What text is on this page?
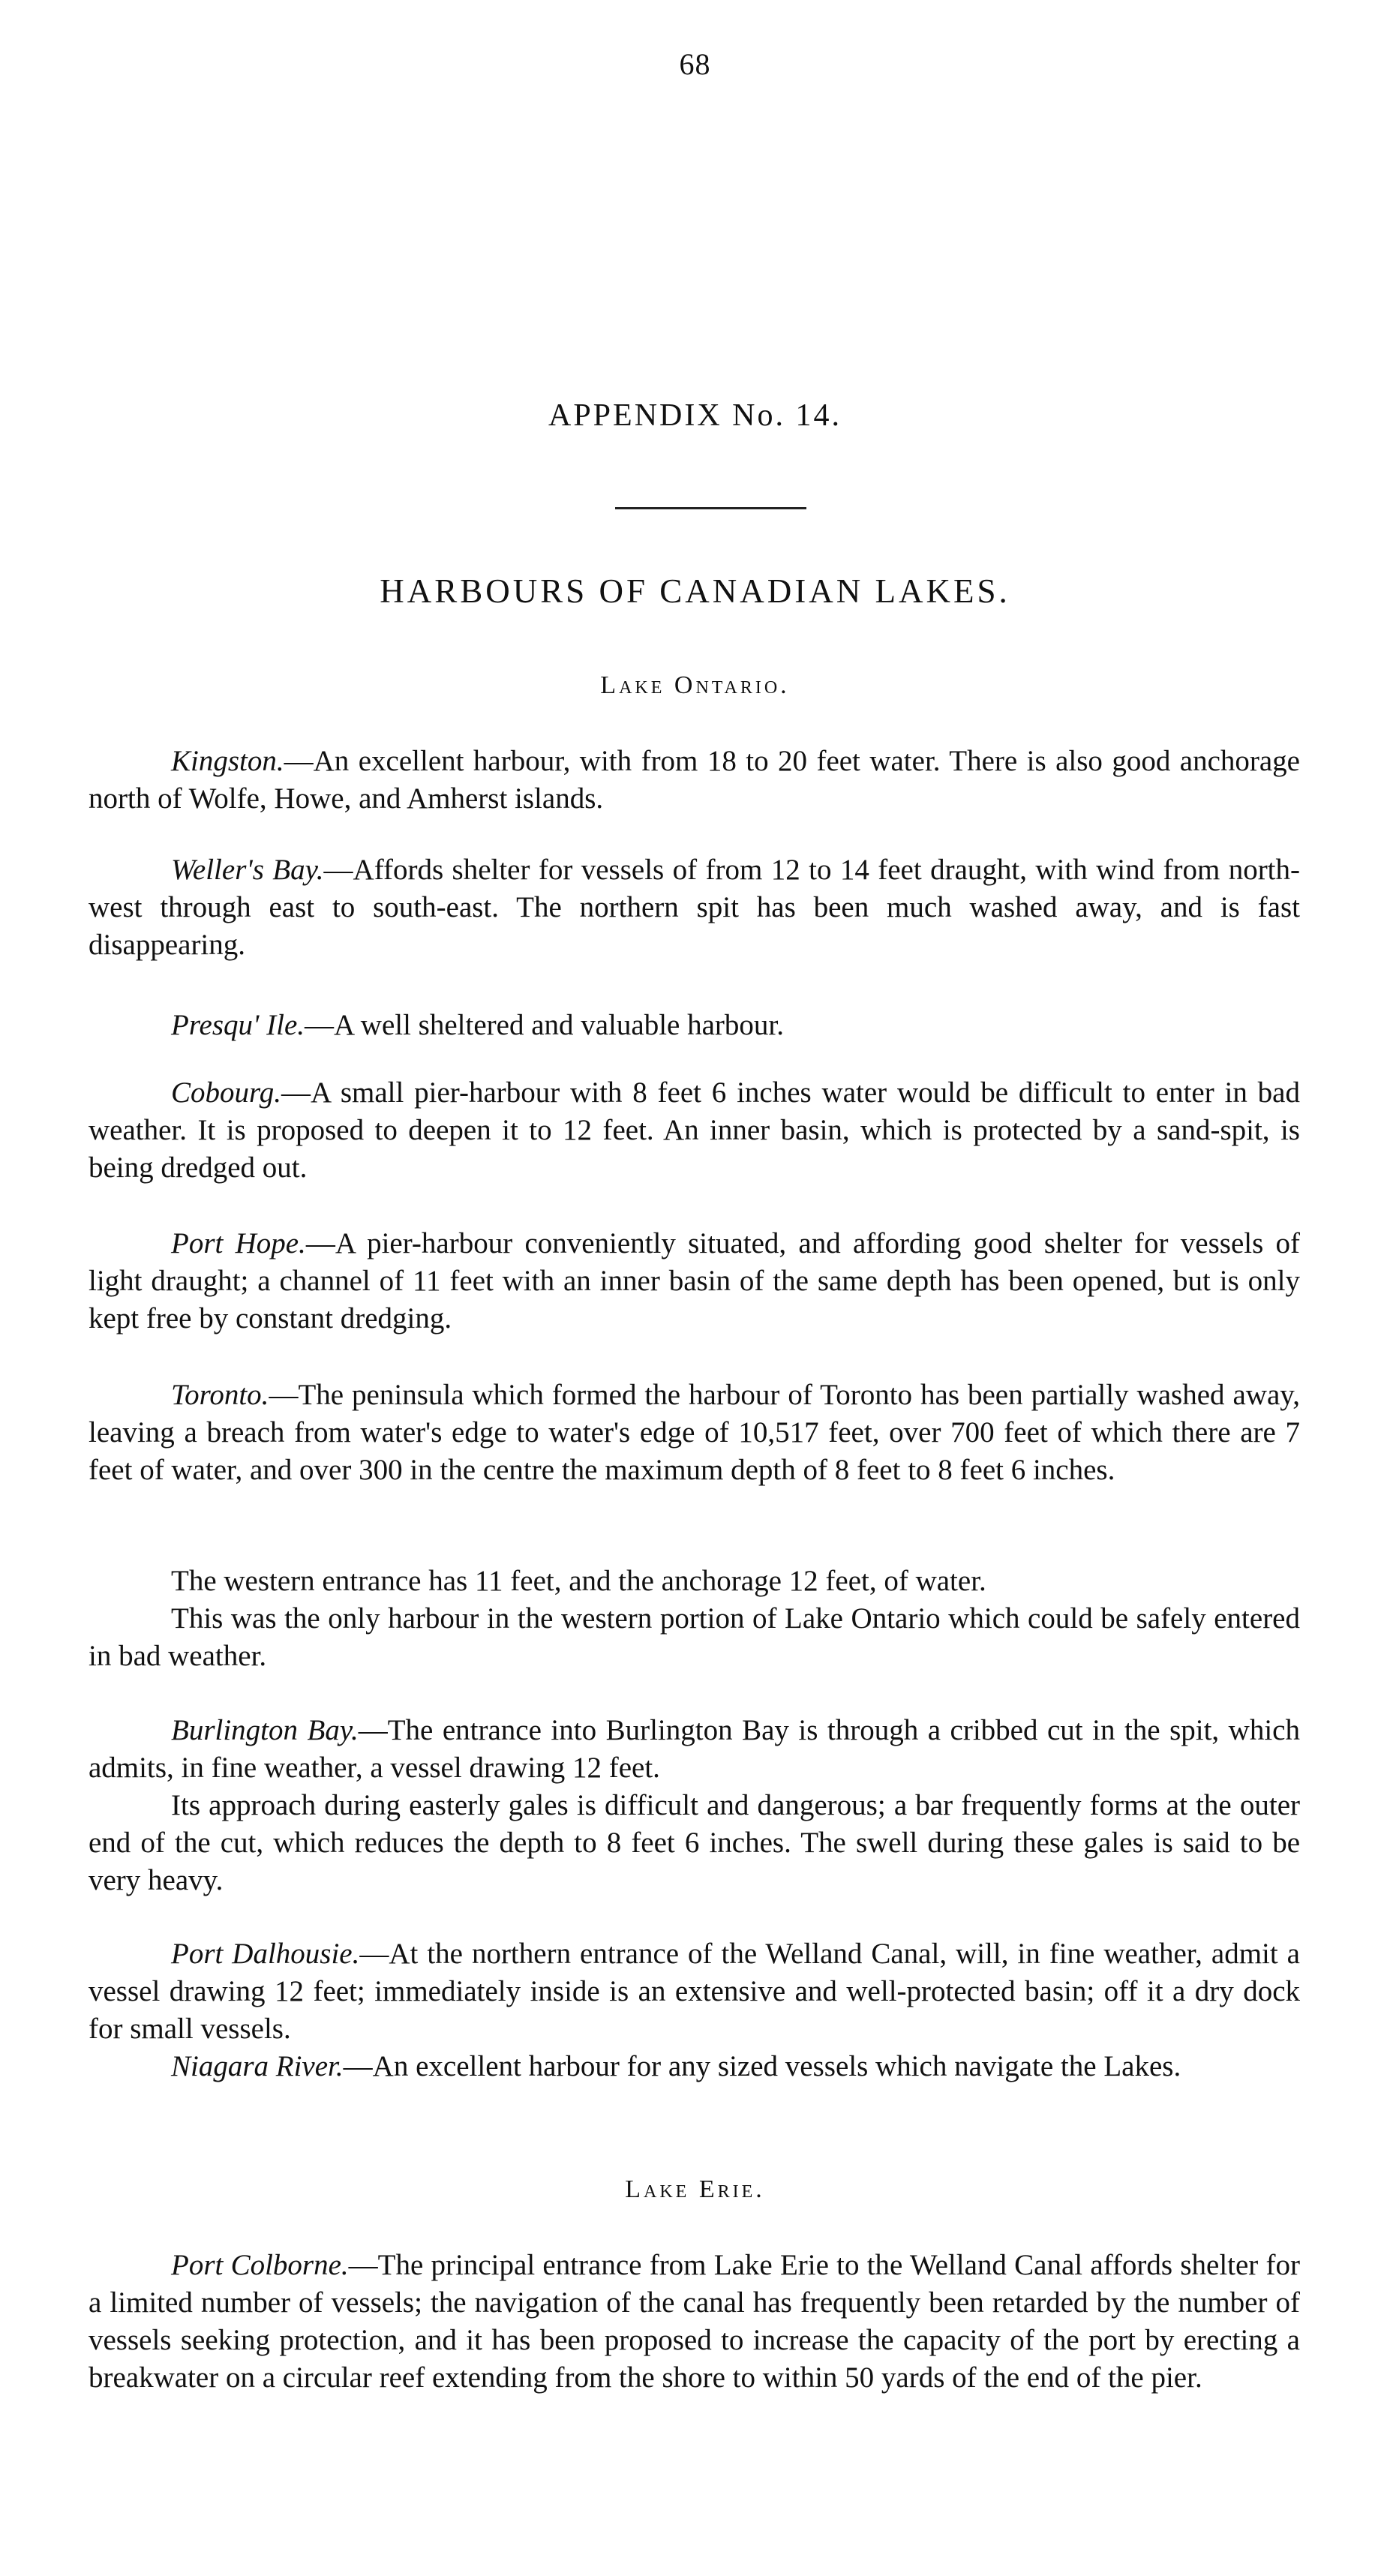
68
APPENDIX No. 14.
HARBOURS OF CANADIAN LAKES.
Lake Ontario.

Kingston.—An excellent harbour, with from 18 to 20 feet water. There is also good anchorage north of Wolfe, Howe, and Amherst islands.

Weller's Bay.—Affords shelter for vessels of from 12 to 14 feet draught, with wind from north-west through east to south-east. The northern spit has been much washed away, and is fast disappearing.

Presqu' Ile.—A well sheltered and valuable harbour.

Cobourg.—A small pier-harbour with 8 feet 6 inches water would be difficult to enter in bad weather. It is proposed to deepen it to 12 feet. An inner basin, which is protected by a sand-spit, is being dredged out.

Port Hope.—A pier-harbour conveniently situated, and affording good shelter for vessels of light draught; a channel of 11 feet with an inner basin of the same depth has been opened, but is only kept free by constant dredging.

Toronto.—The peninsula which formed the harbour of Toronto has been partially washed away, leaving a breach from water's edge to water's edge of 10,517 feet, over 700 feet of which there are 7 feet of water, and over 300 in the centre the maximum depth of 8 feet to 8 feet 6 inches.

The western entrance has 11 feet, and the anchorage 12 feet, of water.
This was the only harbour in the western portion of Lake Ontario which could be safely entered in bad weather.
Burlington Bay.—The entrance into Burlington Bay is through a cribbed cut in the spit, which admits, in fine weather, a vessel drawing 12 feet.
Its approach during easterly gales is difficult and dangerous; a bar frequently forms at the outer end of the cut, which reduces the depth to 8 feet 6 inches. The swell during these gales is said to be very heavy.

Port Dalhousie.—At the northern entrance of the Welland Canal, will, in fine weather, admit a vessel drawing 12 feet; immediately inside is an extensive and well-protected basin; off it a dry dock for small vessels.

Niagara River.—An excellent harbour for any sized vessels which navigate the Lakes.

Lake Erie.

Port Colborne.—The principal entrance from Lake Erie to the Welland Canal affords shelter for a limited number of vessels; the navigation of the canal has frequently been retarded by the number of vessels seeking protection, and it has been proposed to increase the capacity of the port by erecting a breakwater on a circular reef extending from the shore to within 50 yards of the end of the pier.
